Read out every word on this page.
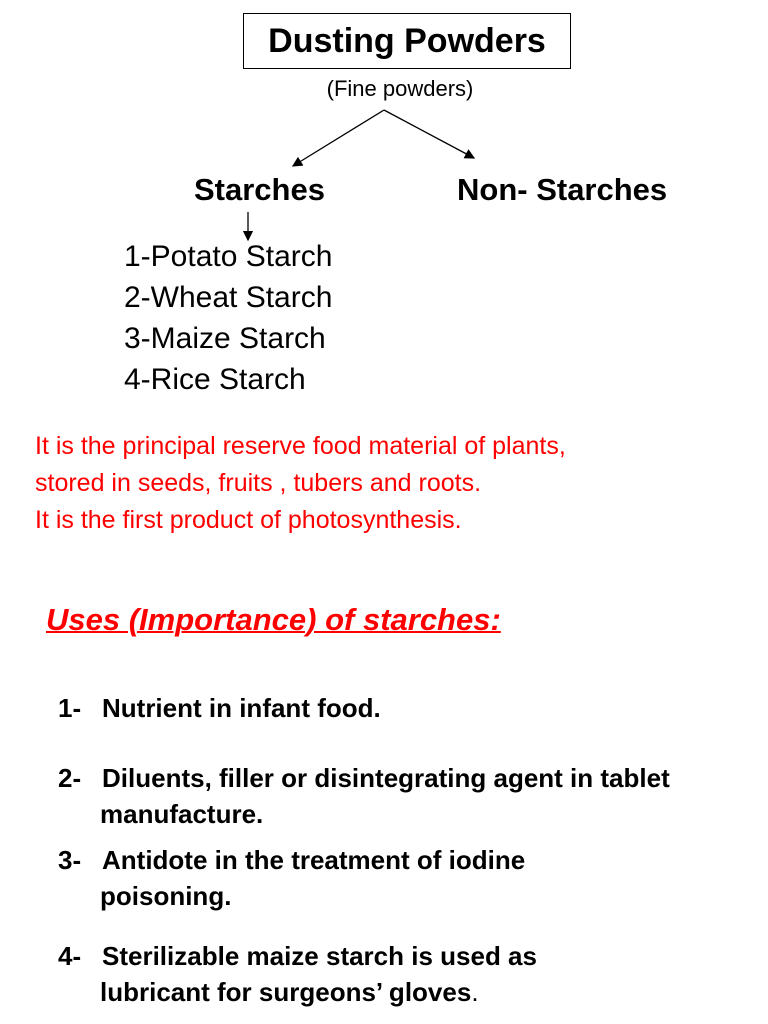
Dusting Powders
(Fine powders)
Starches	Non- Starches
1-Potato Starch
2-Wheat Starch
3-Maize Starch
4-Rice Starch
It is the principal reserve food material of plants,
stored in seeds, fruits , tubers and roots.
It is the first product of photosynthesis.
Uses (Importance) of starches:
1- Nutrient in infant food.
2- Diluents, filler or disintegrating agent in tablet
manufacture.
3- Antidote in the treatment of iodine
poisoning.
4- Sterilizable maize starch is used as
lubricant for surgeons’ gloves.
